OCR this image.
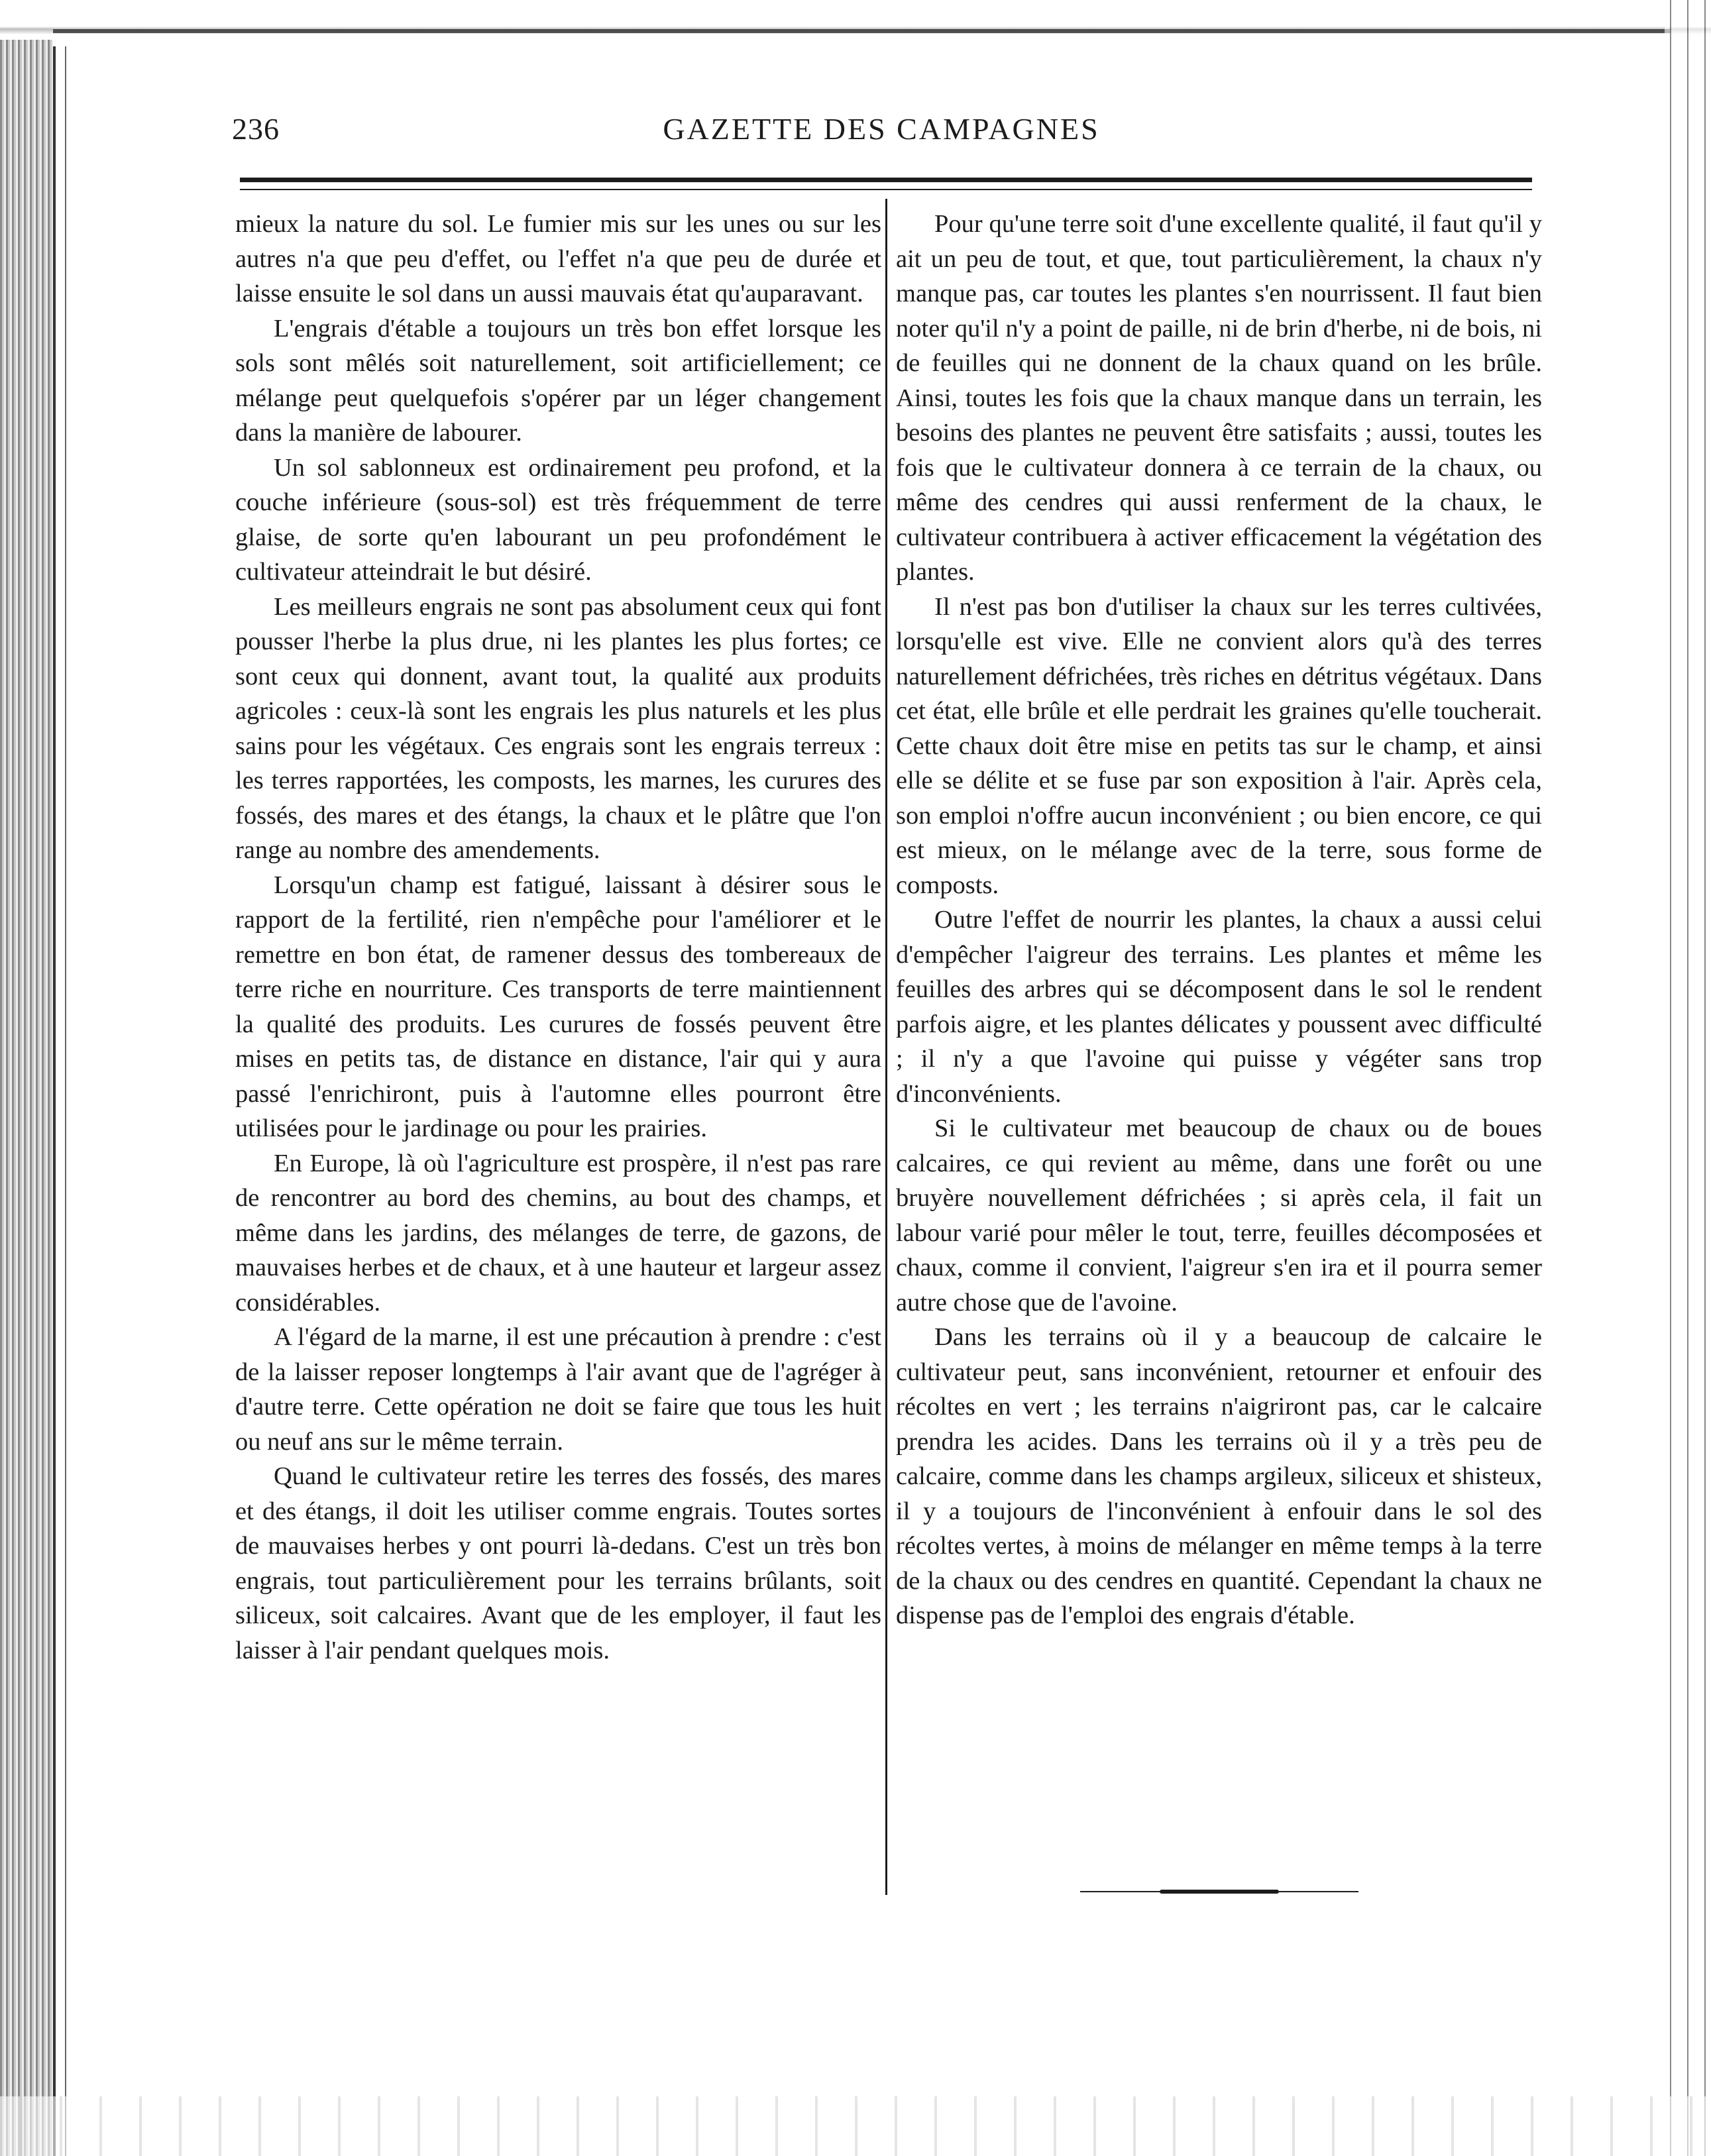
236	GAZETTE DES CAMPAGNES

mieux la nature du sol. Le fumier mis sur les unes ou sur les autres n'a que peu d'effet, ou l'effet n'a que peu de durée et laisse ensuite le sol dans un aussi mauvais état qu'auparavant.

L'engrais d'étable a toujours un très bon effet lorsque les sols sont mêlés soit naturellement, soit artificiellement; ce mélange peut quelquefois s'opérer par un léger changement dans la manière de labourer.

Un sol sablonneux est ordinairement peu profond, et la couche inférieure (sous-sol) est très fréquemment de terre glaise, de sorte qu'en labourant un peu profondément le cultivateur atteindrait le but désiré.

Les meilleurs engrais ne sont pas absolument ceux qui font pousser l'herbe la plus drue, ni les plantes les plus fortes; ce sont ceux qui donnent, avant tout, la qualité aux produits agricoles : ceux-là sont les engrais les plus naturels et les plus sains pour les végétaux. Ces engrais sont les engrais terreux : les terres rapportées, les composts, les marnes, les curures des fossés, des mares et des étangs, la chaux et le plâtre que l'on range au nombre des amendements.

Lorsqu'un champ est fatigué, laissant à désirer sous le rapport de la fertilité, rien n'empêche pour l'améliorer et le remettre en bon état, de ramener dessus des tombereaux de terre riche en nourriture. Ces transports de terre maintiennent la qualité des produits. Les curures de fossés peuvent être mises en petits tas, de distance en distance, l'air qui y aura passé l'enrichiront, puis à l'automne elles pourront être utilisées pour le jardinage ou pour les prairies.

En Europe, là où l'agriculture est prospère, il n'est pas rare de rencontrer au bord des chemins, au bout des champs, et même dans les jardins, des mélanges de terre, de gazons, de mauvaises herbes et de chaux, et à une hauteur et largeur assez considérables.

A l'égard de la marne, il est une précaution à prendre : c'est de la laisser reposer longtemps à l'air avant que de l'agréger à d'autre terre. Cette opération ne doit se faire que tous les huit ou neuf ans sur le même terrain.

Quand le cultivateur retire les terres des fossés, des mares et des étangs, il doit les utiliser comme engrais. Toutes sortes de mauvaises herbes y ont pourri là-dedans. C'est un très bon engrais, tout particulièrement pour les terrains brûlants, soit siliceux, soit calcaires. Avant que de les employer, il faut les laisser à l'air pendant quelques mois.

Pour qu'une terre soit d'une excellente qualité, il faut qu'il y ait un peu de tout, et que, tout particulièrement, la chaux n'y manque pas, car toutes les plantes s'en nourrissent. Il faut bien noter qu'il n'y a point de paille, ni de brin d'herbe, ni de bois, ni de feuilles qui ne donnent de la chaux quand on les brûle. Ainsi, toutes les fois que la chaux manque dans un terrain, les besoins des plantes ne peuvent être satisfaits ; aussi, toutes les fois que le cultivateur donnera à ce terrain de la chaux, ou même des cendres qui aussi renferment de la chaux, le cultivateur contribuera à activer efficacement la végétation des plantes.

Il n'est pas bon d'utiliser la chaux sur les terres cultivées, lorsqu'elle est vive. Elle ne convient alors qu'à des terres naturellement défrichées, très riches en détritus végétaux. Dans cet état, elle brûle et elle perdrait les graines qu'elle toucherait. Cette chaux doit être mise en petits tas sur le champ, et ainsi elle se délite et se fuse par son exposition à l'air. Après cela, son emploi n'offre aucun inconvénient ; ou bien encore, ce qui est mieux, on le mélange avec de la terre, sous forme de composts.

Outre l'effet de nourrir les plantes, la chaux a aussi celui d'empêcher l'aigreur des terrains. Les plantes et même les feuilles des arbres qui se décomposent dans le sol le rendent parfois aigre, et les plantes délicates y poussent avec difficulté ; il n'y a que l'avoine qui puisse y végéter sans trop d'inconvénients.

Si le cultivateur met beaucoup de chaux ou de boues calcaires, ce qui revient au même, dans une forêt ou une bruyère nouvellement défrichées ; si après cela, il fait un labour varié pour mêler le tout, terre, feuilles décomposées et chaux, comme il convient, l'aigreur s'en ira et il pourra semer autre chose que de l'avoine.

Dans les terrains où il y a beaucoup de calcaire le cultivateur peut, sans inconvénient, retourner et enfouir des récoltes en vert ; les terrains n'aigriront pas, car le calcaire prendra les acides. Dans les terrains où il y a très peu de calcaire, comme dans les champs argileux, siliceux et shisteux, il y a toujours de l'inconvénient à enfouir dans le sol des récoltes vertes, à moins de mélanger en même temps à la terre de la chaux ou des cendres en quantité. Cependant la chaux ne dispense pas de l'emploi des engrais d'étable.
